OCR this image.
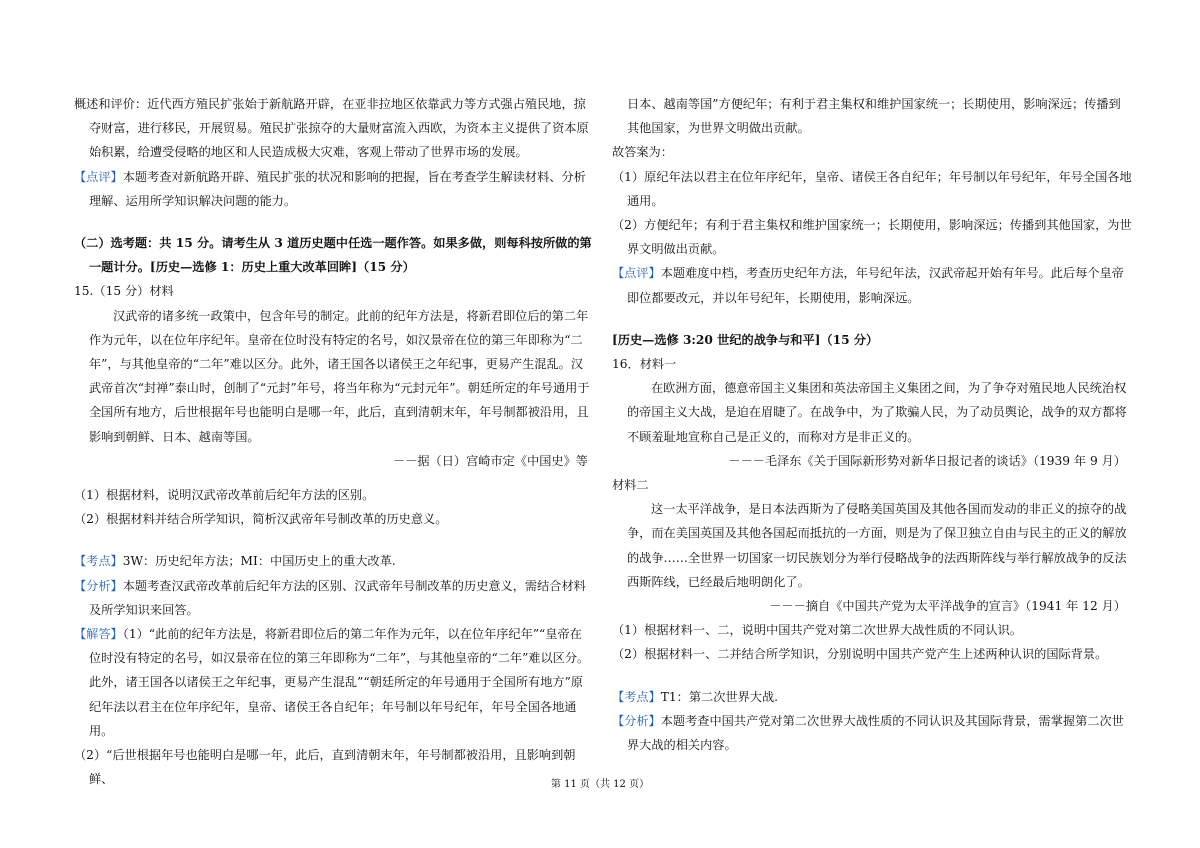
概述和评价：近代西方殖民扩张始于新航路开辟，在亚非拉地区依靠武力等方式强占殖民地，掠夺财富，进行移民，开展贸易。殖民扩张掠夺的大量财富流入西欧，为资本主义提供了资本原始积累，给遭受侵略的地区和人民造成极大灾难，客观上带动了世界市场的发展。

【点评】本题考查对新航路开辟、殖民扩张的状况和影响的把握，旨在考查学生解读材料、分析理解、运用所学知识解决问题的能力。

（二）选考题：共 15 分。请考生从 3 道历史题中任选一题作答。如果多做，则每科按所做的第一题计分。[历史—选修 1：历史上重大改革回眸]（15 分）

15.（15 分）材料

汉武帝的诸多统一政策中，包含年号的制定。此前的纪年方法是，将新君即位后的第二年作为元年，以在位年序纪年。皇帝在位时没有特定的名号，如汉景帝在位的第三年即称为“二年”，与其他皇帝的“二年”难以区分。此外，诸王国各以诸侯王之年纪事，更易产生混乱。汉武帝首次“封禅”泰山时，创制了“元封”年号，将当年称为“元封元年”。朝廷所定的年号通用于全国所有地方，后世根据年号也能明白是哪一年，此后，直到清朝末年，年号制都被沿用，且影响到朝鲜、日本、越南等国。

－－据（日）宫崎市定《中国史》等

（1）根据材料，说明汉武帝改革前后纪年方法的区别。

（2）根据材料并结合所学知识，简析汉武帝年号制改革的历史意义。

【考点】3W：历史纪年方法；MI：中国历史上的重大改革.

【分析】本题考查汉武帝改革前后纪年方法的区别、汉武帝年号制改革的历史意义，需结合材料及所学知识来回答。

【解答】（1）“此前的纪年方法是，将新君即位后的第二年作为元年，以在位年序纪年”“皇帝在位时没有特定的名号，如汉景帝在位的第三年即称为“二年”，与其他皇帝的“二年”难以区分。此外，诸王国各以诸侯王之年纪事，更易产生混乱”“朝廷所定的年号通用于全国所有地方”原纪年法以君主在位年序纪年，皇帝、诸侯王各自纪年；年号制以年号纪年，年号全国各地通用。

（2）“后世根据年号也能明白是哪一年，此后，直到清朝末年，年号制都被沿用，且影响到朝鲜、

日本、越南等国”方便纪年；有利于君主集权和维护国家统一；长期使用，影响深远；传播到其他国家，为世界文明做出贡献。

故答案为：

（1）原纪年法以君主在位年序纪年，皇帝、诸侯王各自纪年；年号制以年号纪年，年号全国各地通用。

（2）方便纪年；有利于君主集权和维护国家统一；长期使用，影响深远；传播到其他国家，为世界文明做出贡献。

【点评】本题难度中档，考查历史纪年方法，年号纪年法，汉武帝起开始有年号。此后每个皇帝即位都要改元，并以年号纪年，长期使用，影响深远。

[历史—选修 3:20 世纪的战争与和平]（15 分）

16．材料一

在欧洲方面，德意帝国主义集团和英法帝国主义集团之间，为了争夺对殖民地人民统治权的帝国主义大战，是迫在眉睫了。在战争中，为了欺骗人民，为了动员舆论，战争的双方都将不顾羞耻地宣称自己是正义的，而称对方是非正义的。

－－－毛泽东《关于国际新形势对新华日报记者的谈话》（1939 年 9 月）

材料二

这一太平洋战争，是日本法西斯为了侵略美国英国及其他各国而发动的非正义的掠夺的战争，而在美国英国及其他各国起而抵抗的一方面，则是为了保卫独立自由与民主的正义的解放的战争……全世界一切国家一切民族划分为举行侵略战争的法西斯阵线与举行解放战争的反法西斯阵线，已经最后地明朗化了。

－－－摘自《中国共产党为太平洋战争的宣言》（1941 年 12 月）

（1）根据材料一、二，说明中国共产党对第二次世界大战性质的不同认识。

（2）根据材料一、二并结合所学知识，分别说明中国共产党产生上述两种认识的国际背景。

【考点】T1：第二次世界大战.

【分析】本题考查中国共产党对第二次世界大战性质的不同认识及其国际背景，需掌握第二次世界大战的相关内容。

第 11 页（共 12 页）
